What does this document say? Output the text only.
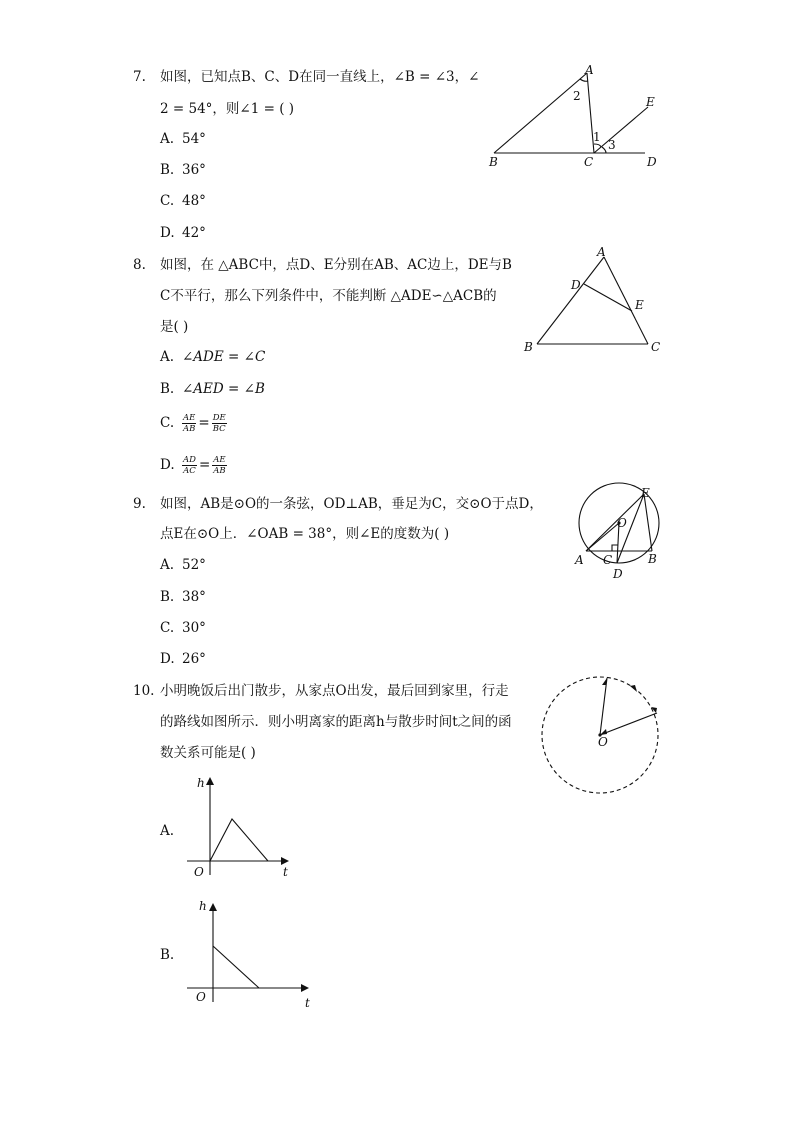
7. 如图，已知点B、C、D在同一直线上，∠B = ∠3，∠
2 = 54°，则∠1 = ( )
A. 54°
B. 36°
C. 48°
D. 42°
A
B	C	D
E
1
2
3
8. 如图，在 △ABC中，点D、E分别在AB、AC边上，DE与B
C不平行，那么下列条件中，不能判断 △ADE∽△ACB的
是( )
A. ∠ADE = ∠C
B. ∠AED = ∠B
C. $\frac{AE}{AB} = \frac{DE}{BC}$
D. $\frac{AD}{AC} = \frac{AE}{AB}$
A
B	C
D
E
9. 如图，AB是⊙O的一条弦，OD⊥AB，垂足为C，交⊙O于点D，
点E在⊙O上．∠OAB = 38°，则∠E的度数为( )
A. 52°
B. 38°
C. 30°
D. 26°
O
A	B
C
D
E
10. 小明晚饭后出门散步，从家点O出发，最后回到家里，行走
的路线如图所示．则小明离家的距离h与散步时间t之间的函
数关系可能是( )
O
A.
h
t
O
B.
h
t
O
